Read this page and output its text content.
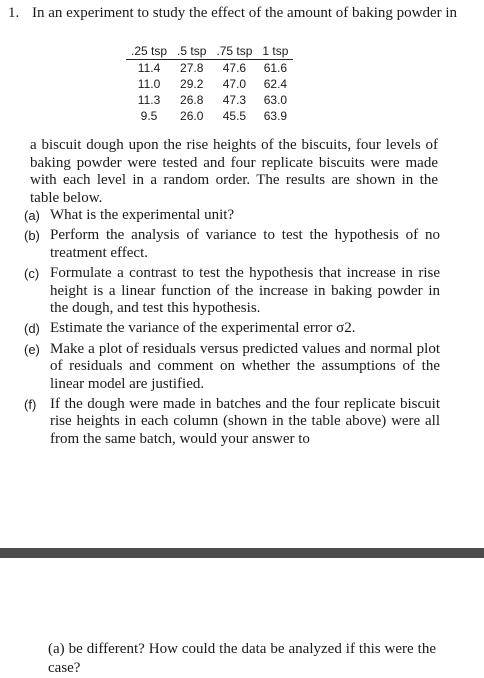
1. In an experiment to study the effect of the amount of baking powder in
.25 tsp	.5 tsp	.75 tsp	1 tsp
11.4	27.8	47.6	61.6
11.0	29.2	47.0	62.4
11.3	26.8	47.3	63.0
9.5	26.0	45.5	63.9
a biscuit dough upon the rise heights of the biscuits, four levels of baking powder were tested and four replicate biscuits were made with each level in a random order. The results are shown in the table below.
(a) What is the experimental unit?
(b) Perform the analysis of variance to test the hypothesis of no treatment effect.
(c) Formulate a contrast to test the hypothesis that increase in rise height is a linear function of the increase in baking powder in the dough, and test this hypothesis.
(d) Estimate the variance of the experimental error σ2.
(e) Make a plot of residuals versus predicted values and normal plot of residuals and comment on whether the assumptions of the linear model are justified.
(f) If the dough were made in batches and the four replicate biscuit rise heights in each column (shown in the table above) were all from the same batch, would your answer to
(a) be different? How could the data be analyzed if this were the case?
